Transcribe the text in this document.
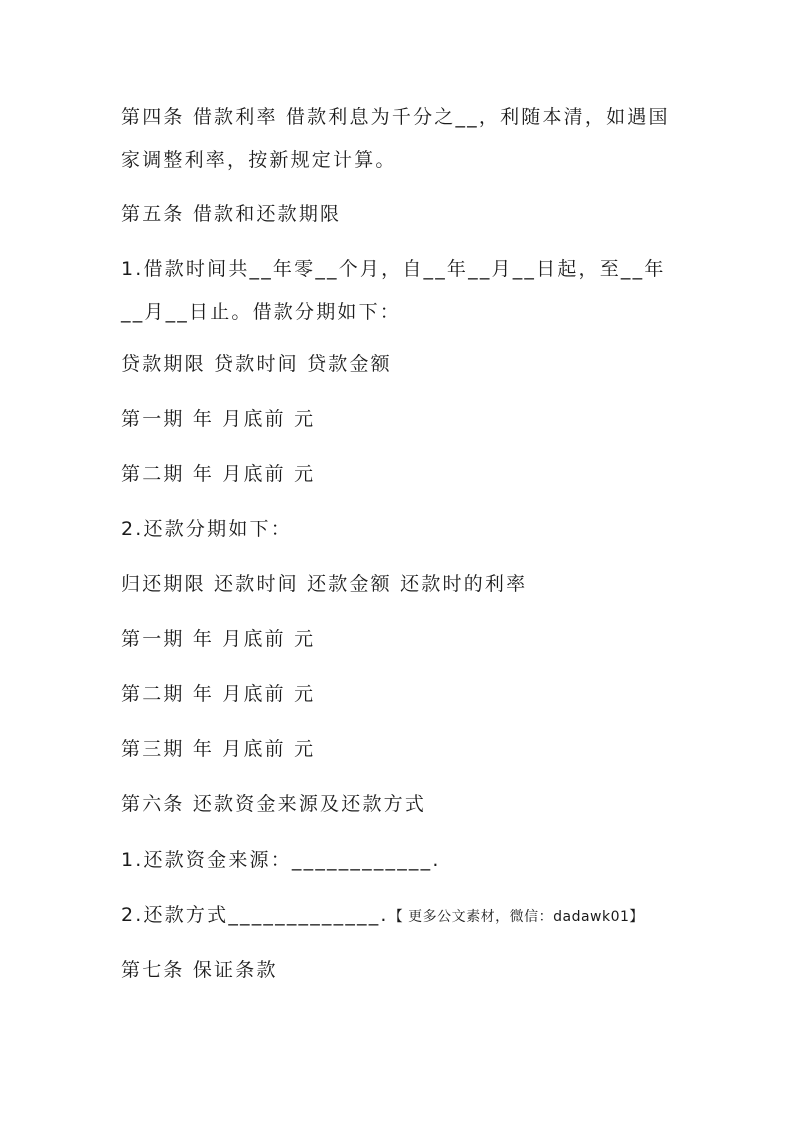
第四条 借款利率 借款利息为千分之__，利随本清，如遇国家调整利率，按新规定计算。
第五条 借款和还款期限
1.借款时间共__年零__个月，自__年__月__日起，至__年__月__日止。借款分期如下：
贷款期限 贷款时间 贷款金额
第一期 年 月底前 元
第二期 年 月底前 元
2.还款分期如下：
归还期限 还款时间 还款金额 还款时的利率
第一期 年 月底前 元
第二期 年 月底前 元
第三期 年 月底前 元
第六条 还款资金来源及还款方式
1.还款资金来源：____________.
2.还款方式_____________.【 更多公文素材，微信：dadawk01】
第七条 保证条款
